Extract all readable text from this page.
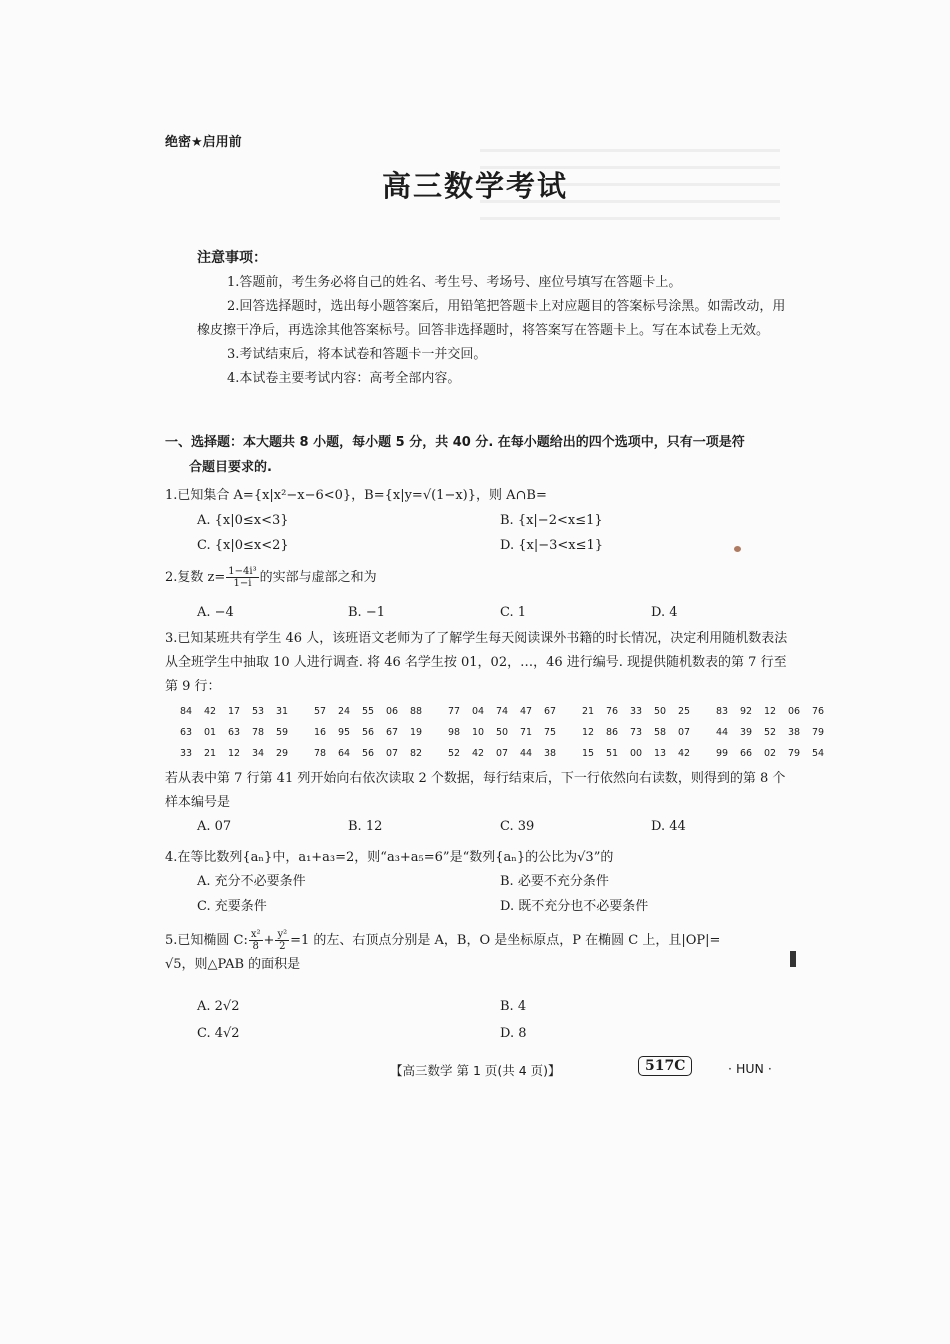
绝密★启用前
高三数学考试
注意事项：

1.答题前，考生务必将自己的姓名、考生号、考场号、座位号填写在答题卡上。

2.回答选择题时，选出每小题答案后，用铅笔把答题卡上对应题目的答案标号涂黑。如需改动，用橡皮擦干净后，再选涂其他答案标号。回答非选择题时，将答案写在答题卡上。写在本试卷上无效。

3.考试结束后，将本试卷和答题卡一并交回。

4.本试卷主要考试内容：高考全部内容。

一、选择题：本大题共 8 小题，每小题 5 分，共 40 分. 在每小题给出的四个选项中，只有一项是符
合题目要求的.
1.已知集合 A={x|x²−x−6<0}，B={x|y=√(1−x)}，则 A∩B=
A. {x|0≤x<3}	B. {x|−2<x≤1}
C. {x|0≤x<2}	D. {x|−3<x≤1}
2.复数 $z= \frac{\text{1−4i³}}{1-i}$ 的实部与虚部之和为
A. −4	B. −1	C. 1	D. 4
3.已知某班共有学生 46 人，该班语文老师为了了解学生每天阅读课外书籍的时长情况，决定利用随机数表法从全班学生中抽取 10 人进行调查. 将 46 名学生按 01，02，…，46 进行编号. 现提供随机数表的第 7 行至第 9 行：
84	42	17	53	31		57	24	55	06	88		77	04	74	47	67		21	76	33	50	25		83	92	12	06	76
63	01	63	78	59		16	95	56	67	19		98	10	50	71	75		12	86	73	58	07		44	39	52	38	79
33	21	12	34	29		78	64	56	07	82		52	42	07	44	38		15	51	00	13	42		99	66	02	79	54
若从表中第 7 行第 41 列开始向右依次读取 2 个数据，每行结束后，下一行依然向右读数，则得到的第 8 个样本编号是
A. 07	B. 12	C. 39	D. 44
4.在等比数列{aₙ}中，a₁+a₃=2，则“a₃+a₅=6”是“数列{aₙ}的公比为√3”的
A. 充分不必要条件	B. 必要不充分条件
C. 充要条件	D. 既不充分也不必要条件
5.已知椭圆 C: $\frac{\text{x²}}{8} + \frac{\text{y²}}{2} =1$ 的左、右顶点分别是 A，B，O 是坐标原点，P 在椭圆 C 上，且|OP|=
√5，则△PAB 的面积是
A. 2√2	B. 4
C. 4√2	D. 8
【高三数学 第 1 页(共 4 页)】	517C	· HUN ·
